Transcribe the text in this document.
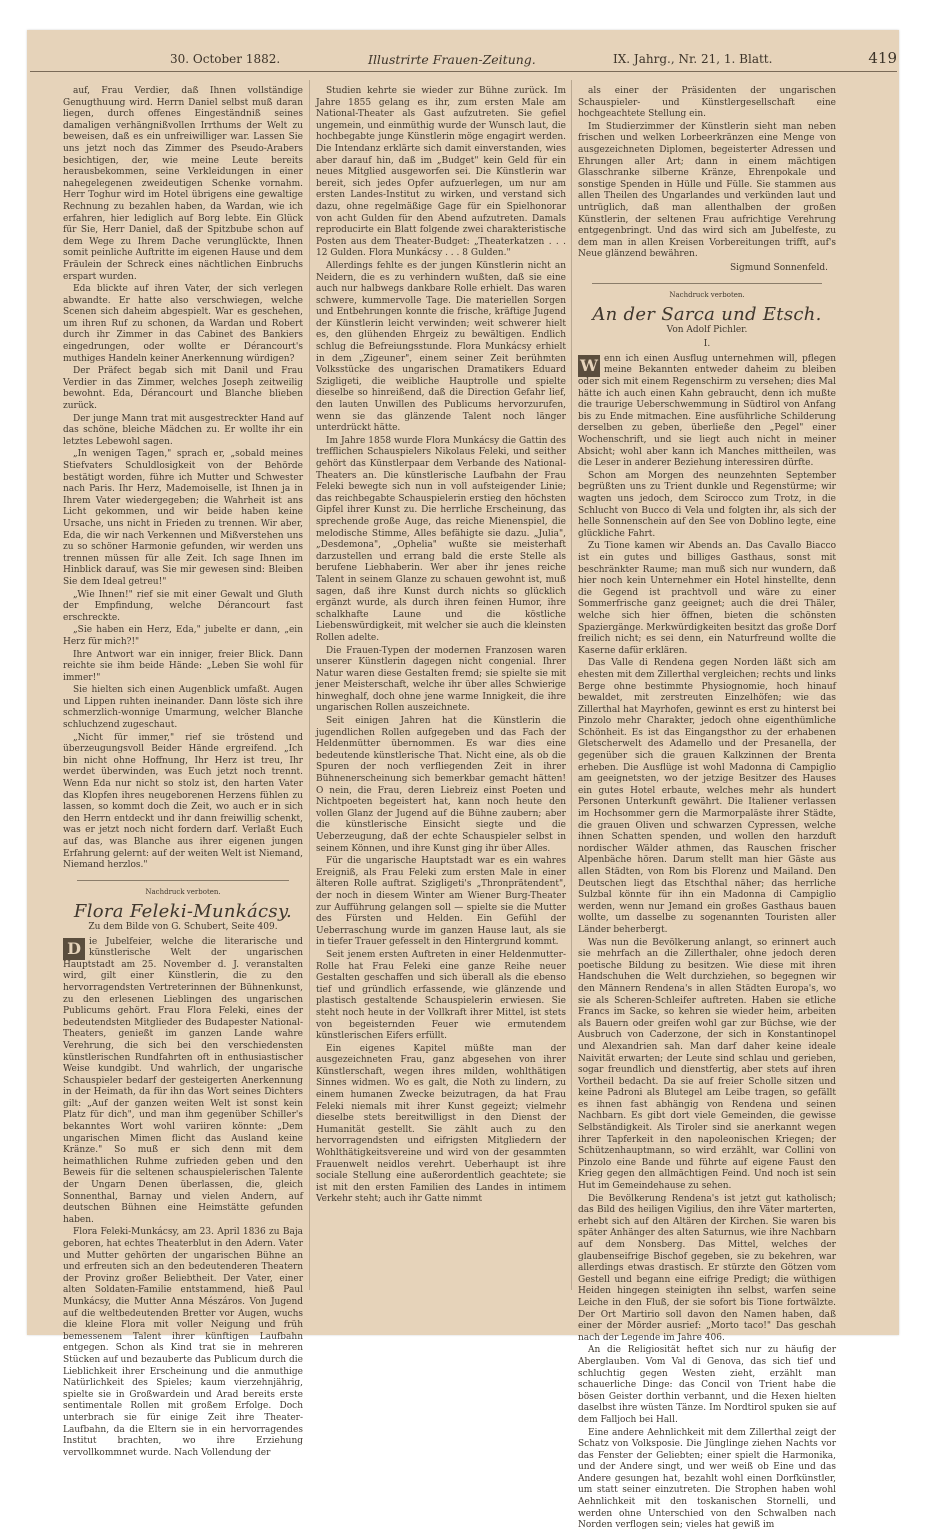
30. October 1882.	Illustrirte Frauen-Zeitung.	IX. Jahrg., Nr. 21, 1. Blatt.	419

auf, Frau Verdier, daß Ihnen vollständige Genugthuung wird. Herrn Daniel selbst muß daran liegen, durch offenes Eingeständniß seines damaligen verhängnißvollen Irrthums der Welt zu beweisen, daß es ein unfreiwilliger war. Lassen Sie uns jetzt noch das Zimmer des Pseudo-Arabers besichtigen, der, wie meine Leute bereits herausbekommen, seine Verkleidungen in einer nahegelegenen zweideutigen Schenke vornahm. Herr Toghur wird im Hotel übrigens eine gewaltige Rechnung zu bezahlen haben, da Wardan, wie ich erfahren, hier lediglich auf Borg lebte. Ein Glück für Sie, Herr Daniel, daß der Spitzbube schon auf dem Wege zu Ihrem Dache verunglückte, Ihnen somit peinliche Auftritte im eigenen Hause und dem Fräulein der Schreck eines nächtlichen Einbruchs erspart wurden.

Eda blickte auf ihren Vater, der sich verlegen abwandte. Er hatte also verschwiegen, welche Scenen sich daheim abgespielt. War es geschehen, um ihren Ruf zu schonen, da Wardan und Robert durch ihr Zimmer in das Cabinet des Bankiers eingedrungen, oder wollte er Dérancourt's muthiges Handeln keiner Anerkennung würdigen?

Der Präfect begab sich mit Danil und Frau Verdier in das Zimmer, welches Joseph zeitweilig bewohnt. Eda, Dérancourt und Blanche blieben zurück.

Der junge Mann trat mit ausgestreckter Hand auf das schöne, bleiche Mädchen zu. Er wollte ihr ein letztes Lebewohl sagen.

„In wenigen Tagen," sprach er, „sobald meines Stiefvaters Schuldlosigkeit von der Behörde bestätigt worden, führe ich Mutter und Schwester nach Paris. Ihr Herz, Mademoiselle, ist Ihnen ja in Ihrem Vater wiedergegeben; die Wahrheit ist ans Licht gekommen, und wir beide haben keine Ursache, uns nicht in Frieden zu trennen. Wir aber, Eda, die wir nach Verkennen und Mißverstehen uns zu so schöner Harmonie gefunden, wir werden uns trennen müssen für alle Zeit. Ich sage Ihnen im Hinblick darauf, was Sie mir gewesen sind: Bleiben Sie dem Ideal getreu!"

„Wie Ihnen!" rief sie mit einer Gewalt und Gluth der Empfindung, welche Dérancourt fast erschreckte.

„Sie haben ein Herz, Eda," jubelte er dann, „ein Herz für mich?!"

Ihre Antwort war ein inniger, freier Blick. Dann reichte sie ihm beide Hände: „Leben Sie wohl für immer!"

Sie hielten sich einen Augenblick umfaßt. Augen und Lippen ruhten ineinander. Dann löste sich ihre schmerzlich-wonnige Umarmung, welcher Blanche schluchzend zugeschaut.

„Nicht für immer," rief sie tröstend und überzeugungsvoll Beider Hände ergreifend. „Ich bin nicht ohne Hoffnung, Ihr Herz ist treu, Ihr werdet überwinden, was Euch jetzt noch trennt. Wenn Eda nur nicht so stolz ist, den harten Vater das Klopfen ihres neugeborenen Herzens fühlen zu lassen, so kommt doch die Zeit, wo auch er in sich den Herrn entdeckt und ihr dann freiwillig schenkt, was er jetzt noch nicht fordern darf. Verlaßt Euch auf das, was Blanche aus ihrer eigenen jungen Erfahrung gelernt: auf der weiten Welt ist Niemand, Niemand herzlos."

Nachdruck verboten.
Flora Feleki-Munkácsy.
Zu dem Bilde von G. Schubert, Seite 409.

D ie Jubelfeier, welche die literarische und künstlerische Welt der ungarischen Hauptstadt am 25. November d. J. veranstalten wird, gilt einer Künstlerin, die zu den hervorragendsten Vertreterinnen der Bühnenkunst, zu den erlesenen Lieblingen des ungarischen Publicums gehört. Frau Flora Feleki, eines der bedeutendsten Mitglieder des Budapester National-Theaters, genießt im ganzen Lande wahre Verehrung, die sich bei den verschiedensten künstlerischen Rundfahrten oft in enthusiastischer Weise kundgibt. Und wahrlich, der ungarische Schauspieler bedarf der gesteigerten Anerkennung in der Heimath, da für ihn das Wort seines Dichters gilt: „Auf der ganzen weiten Welt ist sonst kein Platz für dich", und man ihm gegenüber Schiller's bekanntes Wort wohl variiren könnte: „Dem ungarischen Mimen flicht das Ausland keine Kränze." So muß er sich denn mit dem heimathlichen Ruhme zufrieden geben und den Beweis für die seltenen schauspielerischen Talente der Ungarn Denen überlassen, die, gleich Sonnenthal, Barnay und vielen Andern, auf deutschen Bühnen eine Heimstätte gefunden haben.

Flora Feleki-Munkácsy, am 23. April 1836 zu Baja geboren, hat echtes Theaterblut in den Adern. Vater und Mutter gehörten der ungarischen Bühne an und erfreuten sich an den bedeutenderen Theatern der Provinz großer Beliebtheit. Der Vater, einer alten Soldaten-Familie entstammend, hieß Paul Munkácsy, die Mutter Anna Mészáros. Von Jugend auf die weltbedeutenden Bretter vor Augen, wuchs die kleine Flora mit voller Neigung und früh bemessenem Talent ihrer künftigen Laufbahn entgegen. Schon als Kind trat sie in mehreren Stücken auf und bezauberte das Publicum durch die Lieblichkeit ihrer Erscheinung und die anmuthige Natürlichkeit des Spieles; kaum vierzehnjährig, spielte sie in Großwardein und Arad bereits erste sentimentale Rollen mit großem Erfolge. Doch unterbrach sie für einige Zeit ihre Theater-Laufbahn, da die Eltern sie in ein hervorragendes Institut brachten, wo ihre Erziehung vervollkommnet wurde. Nach Vollendung der

Studien kehrte sie wieder zur Bühne zurück. Im Jahre 1855 gelang es ihr, zum ersten Male am National-Theater als Gast aufzutreten. Sie gefiel ungemein, und einmüthig wurde der Wunsch laut, die hochbegabte junge Künstlerin möge engagirt werden. Die Intendanz erklärte sich damit einverstanden, wies aber darauf hin, daß im „Budget" kein Geld für ein neues Mitglied ausgeworfen sei. Die Künstlerin war bereit, sich jedes Opfer aufzuerlegen, um nur am ersten Landes-Institut zu wirken, und verstand sich dazu, ohne regelmäßige Gage für ein Spielhonorar von acht Gulden für den Abend aufzutreten. Damals reproducirte ein Blatt folgende zwei charakteristische Posten aus dem Theater-Budget: „Theaterkatzen . . . 12 Gulden. Flora Munkácsy . . . 8 Gulden."

Allerdings fehlte es der jungen Künstlerin nicht an Neidern, die es zu verhindern wußten, daß sie eine auch nur halbwegs dankbare Rolle erhielt. Das waren schwere, kummervolle Tage. Die materiellen Sorgen und Entbehrungen konnte die frische, kräftige Jugend der Künstlerin leicht verwinden; weit schwerer hielt es, den glühenden Ehrgeiz zu bewältigen. Endlich schlug die Befreiungsstunde. Flora Munkácsy erhielt in dem „Zigeuner", einem seiner Zeit berühmten Volksstücke des ungarischen Dramatikers Eduard Szigligeti, die weibliche Hauptrolle und spielte dieselbe so hinreißend, daß die Direction Gefahr lief, den lauten Unwillen des Publicums hervorzurufen, wenn sie das glänzende Talent noch länger unterdrückt hätte.

Im Jahre 1858 wurde Flora Munkácsy die Gattin des trefflichen Schauspielers Nikolaus Feleki, und seither gehört das Künstlerpaar dem Verbande des National-Theaters an. Die künstlerische Laufbahn der Frau Feleki bewegte sich nun in voll aufsteigender Linie; das reichbegabte Schauspielerin erstieg den höchsten Gipfel ihrer Kunst zu. Die herrliche Erscheinung, das sprechende große Auge, das reiche Mienenspiel, die melodische Stimme, Alles befähigte sie dazu. „Julia", „Desdemona", „Ophelia" wußte sie meisterhaft darzustellen und errang bald die erste Stelle als berufene Liebhaberin. Wer aber ihr jenes reiche Talent in seinem Glanze zu schauen gewohnt ist, muß sagen, daß ihre Kunst durch nichts so glücklich ergänzt wurde, als durch ihren feinen Humor, ihre schalkhafte Laune und die köstliche Liebenswürdigkeit, mit welcher sie auch die kleinsten Rollen adelte.

Die Frauen-Typen der modernen Franzosen waren unserer Künstlerin dagegen nicht congenial. Ihrer Natur waren diese Gestalten fremd; sie spielte sie mit jener Meisterschaft, welche ihr über alles Schwierige hinweghalf, doch ohne jene warme Innigkeit, die ihre ungarischen Rollen auszeichnete.

Seit einigen Jahren hat die Künstlerin die jugendlichen Rollen aufgegeben und das Fach der Heldenmütter übernommen. Es war dies eine bedeutende künstlerische That. Nicht eine, als ob die Spuren der noch verfliegenden Zeit in ihrer Bühnenerscheinung sich bemerkbar gemacht hätten! O nein, die Frau, deren Liebreiz einst Poeten und Nichtpoeten begeistert hat, kann noch heute den vollen Glanz der Jugend auf die Bühne zaubern; aber die künstlerische Einsicht siegte und die Ueberzeugung, daß der echte Schauspieler selbst in seinem Können, und ihre Kunst ging ihr über Alles.

Für die ungarische Hauptstadt war es ein wahres Ereigniß, als Frau Feleki zum ersten Male in einer älteren Rolle auftrat. Szigligeti's „Thronprätendent", der noch in diesem Winter am Wiener Burg-Theater zur Aufführung gelangen soll — spielte sie die Mutter des Fürsten und Helden. Ein Gefühl der Ueberraschung wurde im ganzen Hause laut, als sie in tiefer Trauer gefesselt in den Hintergrund kommt.

Seit jenem ersten Auftreten in einer Heldenmutter-Rolle hat Frau Feleki eine ganze Reihe neuer Gestalten geschaffen und sich überall als die ebenso tief und gründlich erfassende, wie glänzende und plastisch gestaltende Schauspielerin erwiesen. Sie steht noch heute in der Vollkraft ihrer Mittel, ist stets von begeisternden Feuer wie ermutendem künstlerischen Eifers erfüllt.

Ein eigenes Kapitel müßte man der ausgezeichneten Frau, ganz abgesehen von ihrer Künstlerschaft, wegen ihres milden, wohlthätigen Sinnes widmen. Wo es galt, die Noth zu lindern, zu einem humanen Zwecke beizutragen, da hat Frau Feleki niemals mit ihrer Kunst gegeizt; vielmehr dieselbe stets bereitwilligst in den Dienst der Humanität gestellt. Sie zählt auch zu den hervorragendsten und eifrigsten Mitgliedern der Wohlthätigkeitsvereine und wird von der gesammten Frauenwelt neidlos verehrt. Ueberhaupt ist ihre sociale Stellung eine außerordentlich geachtete; sie ist mit den ersten Familien des Landes in intimem Verkehr steht; auch ihr Gatte nimmt

als einer der Präsidenten der ungarischen Schauspieler- und Künstlergesellschaft eine hochgeachtete Stellung ein.

Im Studierzimmer der Künstlerin sieht man neben frischen und welken Lorbeerkränzen eine Menge von ausgezeichneten Diplomen, begeisterter Adressen und Ehrungen aller Art; dann in einem mächtigen Glasschranke silberne Kränze, Ehrenpokale und sonstige Spenden in Hülle und Fülle. Sie stammen aus allen Theilen des Ungarlandes und verkünden laut und untrüglich, daß man allenthalben der großen Künstlerin, der seltenen Frau aufrichtige Verehrung entgegenbringt. Und das wird sich am Jubelfeste, zu dem man in allen Kreisen Vorbereitungen trifft, auf's Neue glänzend bewähren.

Sigmund Sonnenfeld.
Nachdruck verboten.
An der Sarca und Etsch.
Von Adolf Pichler.
I.

W enn ich einen Ausflug unternehmen will, pflegen meine Bekannten entweder daheim zu bleiben oder sich mit einem Regenschirm zu versehen; dies Mal hätte ich auch einen Kahn gebraucht, denn ich mußte die traurige Ueberschwemmung in Südtirol von Anfang bis zu Ende mitmachen. Eine ausführliche Schilderung derselben zu geben, überließe den „Pegel" einer Wochenschrift, und sie liegt auch nicht in meiner Absicht; wohl aber kann ich Manches mittheilen, was die Leser in anderer Beziehung interessiren dürfte.

Schon am Morgen des neunzehnten September begrüßten uns zu Trient dunkle und Regenstürme; wir wagten uns jedoch, dem Scirocco zum Trotz, in die Schlucht von Bucco di Vela und folgten ihr, als sich der helle Sonnenschein auf den See von Doblino legte, eine glückliche Fahrt.

Zu Tione kamen wir Abends an. Das Cavallo Biacco ist ein gutes und billiges Gasthaus, sonst mit beschränkter Raume; man muß sich nur wundern, daß hier noch kein Unternehmer ein Hotel hinstellte, denn die Gegend ist prachtvoll und wäre zu einer Sommerfrische ganz geeignet; auch die drei Thäler, welche sich hier öffnen, bieten die schönsten Spaziergänge. Merkwürdigkeiten besitzt das große Dorf freilich nicht; es sei denn, ein Naturfreund wollte die Kaserne dafür erklären.

Das Valle di Rendena gegen Norden läßt sich am ehesten mit dem Zillerthal vergleichen; rechts und links Berge ohne bestimmte Physiognomie, hoch hinauf bewaldet, mit zerstreuten Einzelhöfen; wie das Zillerthal hat Mayrhofen, gewinnt es erst zu hinterst bei Pinzolo mehr Charakter, jedoch ohne eigenthümliche Schönheit. Es ist das Eingangsthor zu der erhabenen Gletscherwelt des Adamello und der Presanella, der gegenüber sich die grauen Kalkzinnen der Brenta erheben. Die Ausflüge ist wohl Madonna di Campiglio am geeignetsten, wo der jetzige Besitzer des Hauses ein gutes Hotel erbaute, welches mehr als hundert Personen Unterkunft gewährt. Die Italiener verlassen im Hochsommer gern die Marmorpaläste ihrer Städte, die grauen Oliven und schwarzen Cypressen, welche ihnen Schatten spenden, und wollen den harzduft nordischer Wälder athmen, das Rauschen frischer Alpenbäche hören. Darum stellt man hier Gäste aus allen Städten, von Rom bis Florenz und Mailand. Den Deutschen liegt das Etschthal näher; das herrliche Sulzbal könnte für ihn ein Madonna di Campiglio werden, wenn nur Jemand ein großes Gasthaus bauen wollte, um dasselbe zu sogenannten Touristen aller Länder beherbergt.

Was nun die Bevölkerung anlangt, so erinnert auch sie mehrfach an die Zillerthaler, ohne jedoch deren poetische Bildung zu besitzen. Wie diese mit ihren Handschuhen die Welt durchziehen, so begegnen wir den Männern Rendena's in allen Städten Europa's, wo sie als Scheren-Schleifer auftreten. Haben sie etliche Francs im Sacke, so kehren sie wieder heim, arbeiten als Bauern oder greifen wohl gar zur Büchse, wie der Ausbruch von Caderzone, der sich in Konstantinopel und Alexandrien sah. Man darf daher keine ideale Naivität erwarten; der Leute sind schlau und gerieben, sogar freundlich und dienstfertig, aber stets auf ihren Vortheil bedacht. Da sie auf freier Scholle sitzen und keine Padroni als Blutegel am Leibe tragen, so gefällt es ihnen fast abhängig von Rendena und seinen Nachbarn. Es gibt dort viele Gemeinden, die gewisse Selbständigkeit. Als Tiroler sind sie anerkannt wegen ihrer Tapferkeit in den napoleonischen Kriegen; der Schützenhauptmann, so wird erzählt, war Collini von Pinzolo eine Bande und führte auf eigene Faust den Krieg gegen den allmächtigen Feind. Und noch ist sein Hut im Gemeindehause zu sehen.

Die Bevölkerung Rendena's ist jetzt gut katholisch; das Bild des heiligen Vigilius, den ihre Väter marterten, erhebt sich auf den Altären der Kirchen. Sie waren bis später Anhänger des alten Saturnus, wie ihre Nachbarn auf dem Nonsberg. Das Mittel, welches der glaubenseifrige Bischof gegeben, sie zu bekehren, war allerdings etwas drastisch. Er stürzte den Götzen vom Gestell und begann eine eifrige Predigt; die wüthigen Heiden hingegen steinigten ihn selbst, warfen seine Leiche in den Fluß, der sie sofort bis Tione fortwälzte. Der Ort Martirio soll davon den Namen haben, daß einer der Mörder ausrief: „Morto taco!" Das geschah nach der Legende im Jahre 406.

An die Religiosität heftet sich nur zu häufig der Aberglauben. Vom Val di Genova, das sich tief und schluchtig gegen Westen zieht, erzählt man schauerliche Dinge: das Concil von Trient habe die bösen Geister dorthin verbannt, und die Hexen hielten daselbst ihre wüsten Tänze. Im Nordtirol spuken sie auf dem Falljoch bei Hall.

Eine andere Aehnlichkeit mit dem Zillerthal zeigt der Schatz von Volksposie. Die Jünglinge ziehen Nachts vor das Fenster der Geliebten; einer spielt die Harmonika, und der Andere singt, und wer weiß ob Eine und das Andere gesungen hat, bezahlt wohl einen Dorfkünstler, um statt seiner einzutreten. Die Strophen haben wohl Aehnlichkeit mit den toskanischen Stornelli, und werden ohne Unterschied von den Schwalben nach Norden verflogen sein; vieles hat gewiß im
